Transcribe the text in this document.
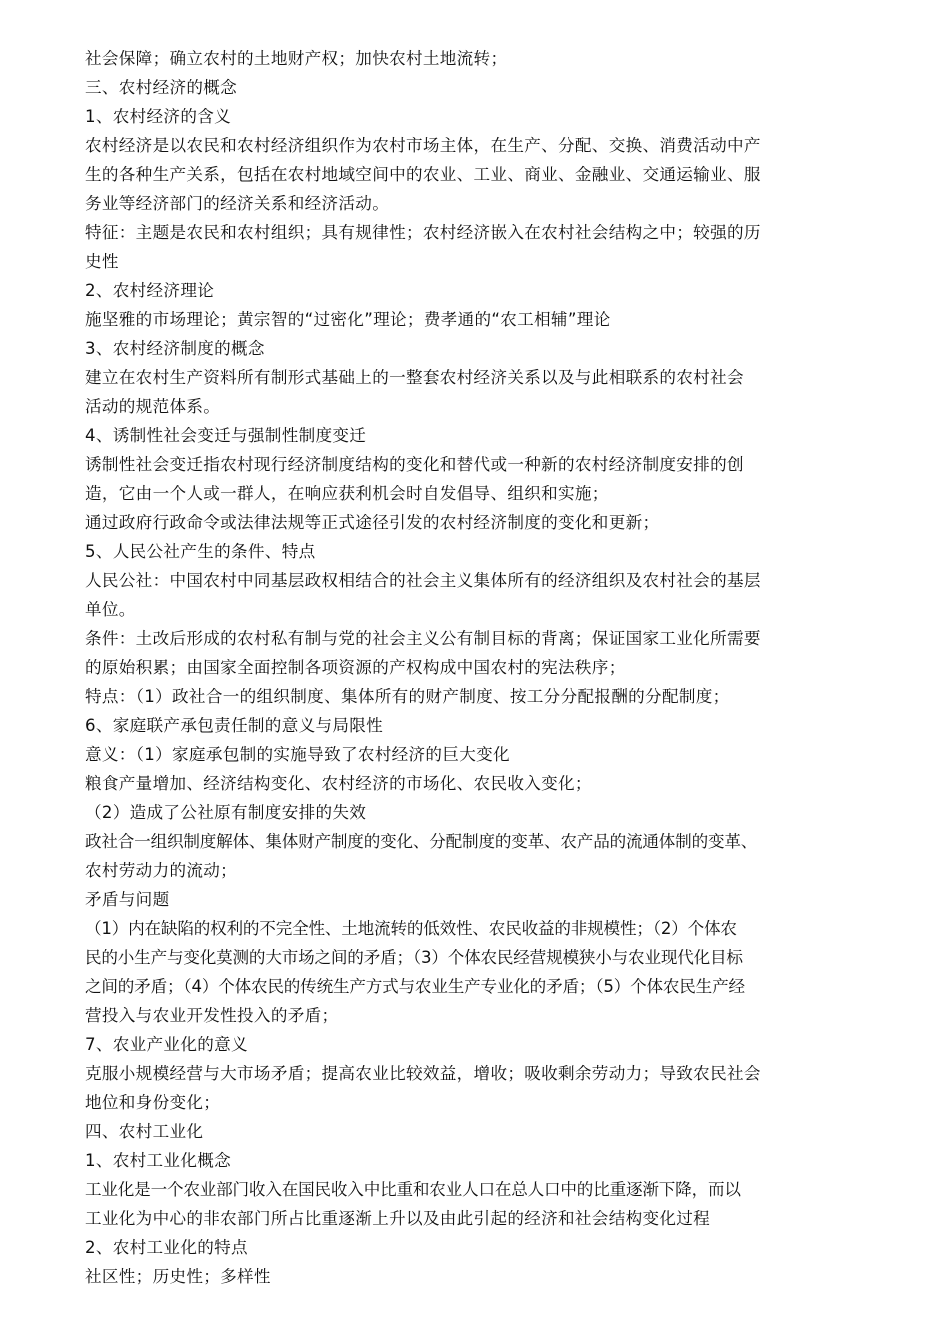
社会保障；确立农村的土地财产权；加快农村土地流转；
三、农村经济的概念
1、农村经济的含义
农村经济是以农民和农村经济组织作为农村市场主体，在生产、分配、交换、消费活动中产
生的各种生产关系，包括在农村地域空间中的农业、工业、商业、金融业、交通运输业、服
务业等经济部门的经济关系和经济活动。
特征：主题是农民和农村组织；具有规律性；农村经济嵌入在农村社会结构之中；较强的历
史性
2、农村经济理论
施坚雅的市场理论；黄宗智的“过密化”理论；费孝通的“农工相辅”理论
3、农村经济制度的概念
建立在农村生产资料所有制形式基础上的一整套农村经济关系以及与此相联系的农村社会
活动的规范体系。
4、诱制性社会变迁与强制性制度变迁
诱制性社会变迁指农村现行经济制度结构的变化和替代或一种新的农村经济制度安排的创
造，它由一个人或一群人，在响应获利机会时自发倡导、组织和实施；
通过政府行政命令或法律法规等正式途径引发的农村经济制度的变化和更新；
5、人民公社产生的条件、特点
人民公社：中国农村中同基层政权相结合的社会主义集体所有的经济组织及农村社会的基层
单位。
条件：土改后形成的农村私有制与党的社会主义公有制目标的背离；保证国家工业化所需要
的原始积累；由国家全面控制各项资源的产权构成中国农村的宪法秩序；
特点：（1）政社合一的组织制度、集体所有的财产制度、按工分分配报酬的分配制度；
6、家庭联产承包责任制的意义与局限性
意义：（1）家庭承包制的实施导致了农村经济的巨大变化
粮食产量增加、经济结构变化、农村经济的市场化、农民收入变化；
（2）造成了公社原有制度安排的失效
政社合一组织制度解体、集体财产制度的变化、分配制度的变革、农产品的流通体制的变革、
农村劳动力的流动；
矛盾与问题
（1）内在缺陷的权利的不完全性、土地流转的低效性、农民收益的非规模性；（2）个体农
民的小生产与变化莫测的大市场之间的矛盾；（3）个体农民经营规模狭小与农业现代化目标
之间的矛盾；（4）个体农民的传统生产方式与农业生产专业化的矛盾；（5）个体农民生产经
营投入与农业开发性投入的矛盾；
7、农业产业化的意义
克服小规模经营与大市场矛盾；提高农业比较效益，增收；吸收剩余劳动力；导致农民社会
地位和身份变化；
四、农村工业化
1、农村工业化概念
工业化是一个农业部门收入在国民收入中比重和农业人口在总人口中的比重逐渐下降，而以
工业化为中心的非农部门所占比重逐渐上升以及由此引起的经济和社会结构变化过程
2、农村工业化的特点
社区性；历史性；多样性
